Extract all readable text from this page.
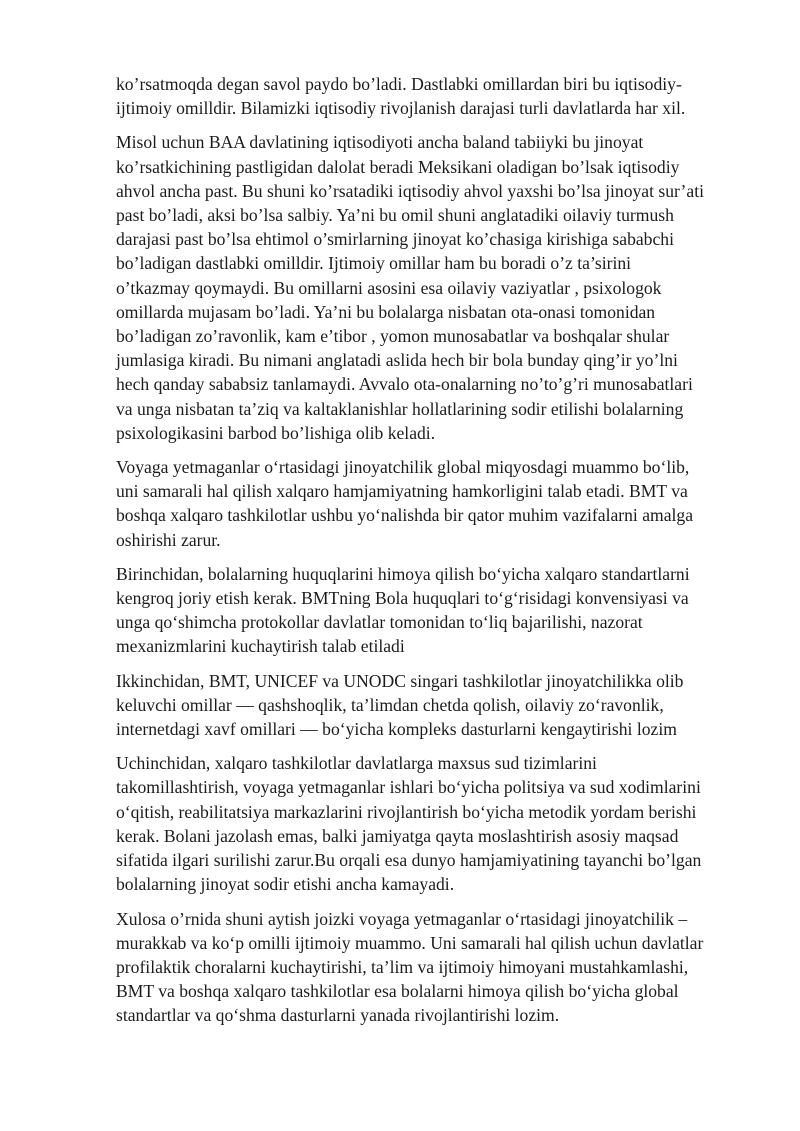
ko’rsatmoqda degan savol paydo bo’ladi. Dastlabki omillardan biri bu iqtisodiy-
ijtimoiy omilldir. Bilamizki iqtisodiy rivojlanish darajasi turli davlatlarda har xil.

Misol uchun BAA davlatining iqtisodiyoti ancha baland tabiiyki bu jinoyat
ko’rsatkichining pastligidan dalolat beradi Meksikani oladigan bo’lsak iqtisodiy
ahvol ancha past. Bu shuni ko’rsatadiki iqtisodiy ahvol yaxshi bo’lsa jinoyat sur’ati
past bo’ladi, aksi bo’lsa salbiy. Ya’ni bu omil shuni anglatadiki oilaviy turmush
darajasi past bo’lsa ehtimol o’smirlarning jinoyat ko’chasiga kirishiga sababchi
bo’ladigan dastlabki omilldir. Ijtimoiy omillar ham bu boradi o’z ta’sirini
o’tkazmay qoymaydi. Bu omillarni asosini esa oilaviy vaziyatlar , psixologok
omillarda mujasam bo’ladi. Ya’ni bu bolalarga nisbatan ota-onasi tomonidan
bo’ladigan zo’ravonlik, kam e’tibor , yomon munosabatlar va boshqalar shular
jumlasiga kiradi. Bu nimani anglatadi aslida hech bir bola bunday qing’ir yo’lni
hech qanday sababsiz tanlamaydi. Avvalo ota-onalarning no’to’g’ri munosabatlari
va unga nisbatan ta’ziq va kaltaklanishlar hollatlarining sodir etilishi bolalarning
psixologikasini barbod bo’lishiga olib keladi.

Voyaga yetmaganlar oʻrtasidagi jinoyatchilik global miqyosdagi muammo boʻlib,
uni samarali hal qilish xalqaro hamjamiyatning hamkorligini talab etadi. BMT va
boshqa xalqaro tashkilotlar ushbu yoʻnalishda bir qator muhim vazifalarni amalga
oshirishi zarur.

Birinchidan, bolalarning huquqlarini himoya qilish boʻyicha xalqaro standartlarni
kengroq joriy etish kerak. BMTning Bola huquqlari toʻgʻrisidagi konvensiyasi va
unga qoʻshimcha protokollar davlatlar tomonidan toʻliq bajarilishi, nazorat
mexanizmlarini kuchaytirish talab etiladi

Ikkinchidan, BMT, UNICEF va UNODC singari tashkilotlar jinoyatchilikka olib
keluvchi omillar — qashshoqlik, ta’limdan chetda qolish, oilaviy zoʻravonlik,
internetdagi xavf omillari — boʻyicha kompleks dasturlarni kengaytirishi lozim

Uchinchidan, xalqaro tashkilotlar davlatlarga maxsus sud tizimlarini
takomillashtirish, voyaga yetmaganlar ishlari boʻyicha politsiya va sud xodimlarini
oʻqitish, reabilitatsiya markazlarini rivojlantirish boʻyicha metodik yordam berishi
kerak. Bolani jazolash emas, balki jamiyatga qayta moslashtirish asosiy maqsad
sifatida ilgari surilishi zarur.Bu orqali esa dunyo hamjamiyatining tayanchi bo’lgan
bolalarning jinoyat sodir etishi ancha kamayadi.

Xulosa o’rnida shuni aytish joizki voyaga yetmaganlar oʻrtasidagi jinoyatchilik –
murakkab va koʻp omilli ijtimoiy muammo. Uni samarali hal qilish uchun davlatlar
profilaktik choralarni kuchaytirishi, ta’lim va ijtimoiy himoyani mustahkamlashi,
BMT va boshqa xalqaro tashkilotlar esa bolalarni himoya qilish boʻyicha global
standartlar va qoʻshma dasturlarni yanada rivojlantirishi lozim.
